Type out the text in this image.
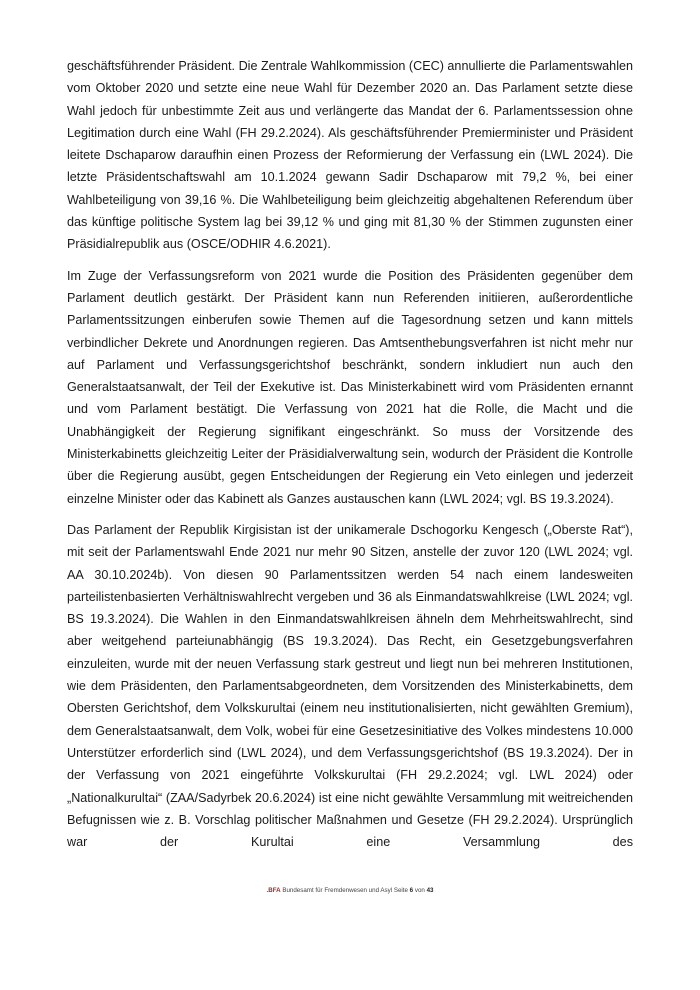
geschäftsführender Präsident. Die Zentrale Wahlkommission (CEC) annullierte die Parlamentswahlen vom Oktober 2020 und setzte eine neue Wahl für Dezember 2020 an. Das Parlament setzte diese Wahl jedoch für unbestimmte Zeit aus und verlängerte das Mandat der 6. Parlamentssession ohne Legitimation durch eine Wahl (FH 29.2.2024). Als geschäftsführender Premierminister und Präsident leitete Dschaparow daraufhin einen Prozess der Reformierung der Verfassung ein (LWL 2024). Die letzte Präsidentschaftswahl am 10.1.2024 gewann Sadir Dschaparow mit 79,2 %, bei einer Wahlbeteiligung von 39,16 %. Die Wahlbeteiligung beim gleichzeitig abgehaltenen Referendum über das künftige politische System lag bei 39,12 % und ging mit 81,30 % der Stimmen zugunsten einer Präsidialrepublik aus (OSCE/ODHIR 4.6.2021).

Im Zuge der Verfassungsreform von 2021 wurde die Position des Präsidenten gegenüber dem Parlament deutlich gestärkt. Der Präsident kann nun Referenden initiieren, außerordentliche Parlamentssitzungen einberufen sowie Themen auf die Tagesordnung setzen und kann mittels verbindlicher Dekrete und Anordnungen regieren. Das Amtsenthebungsverfahren ist nicht mehr nur auf Parlament und Verfassungsgerichtshof beschränkt, sondern inkludiert nun auch den Generalstaatsanwalt, der Teil der Exekutive ist. Das Ministerkabinett wird vom Präsidenten ernannt und vom Parlament bestätigt. Die Verfassung von 2021 hat die Rolle, die Macht und die Unabhängigkeit der Regierung signifikant eingeschränkt. So muss der Vorsitzende des Ministerkabinetts gleichzeitig Leiter der Präsidialverwaltung sein, wodurch der Präsident die Kontrolle über die Regierung ausübt, gegen Entscheidungen der Regierung ein Veto einlegen und jederzeit einzelne Minister oder das Kabinett als Ganzes austauschen kann (LWL 2024; vgl. BS 19.3.2024).

Das Parlament der Republik Kirgisistan ist der unikamerale Dschogorku Kengesch („Oberste Rat“), mit seit der Parlamentswahl Ende 2021 nur mehr 90 Sitzen, anstelle der zuvor 120 (LWL 2024; vgl. AA 30.10.2024b). Von diesen 90 Parlamentssitzen werden 54 nach einem landesweiten parteilistenbasierten Verhältniswahlrecht vergeben und 36 als Einmandatswahlkreise (LWL 2024; vgl. BS 19.3.2024). Die Wahlen in den Einmandatswahlkreisen ähneln dem Mehrheitswahlrecht, sind aber weitgehend parteiunabhängig (BS 19.3.2024). Das Recht, ein Gesetzgebungsverfahren einzuleiten, wurde mit der neuen Verfassung stark gestreut und liegt nun bei mehreren Institutionen, wie dem Präsidenten, den Parlamentsabgeordneten, dem Vorsitzenden des Ministerkabinetts, dem Obersten Gerichtshof, dem Volkskurultai (einem neu institutionalisierten, nicht gewählten Gremium), dem Generalstaatsanwalt, dem Volk, wobei für eine Gesetzesinitiative des Volkes mindestens 10.000 Unterstützer erforderlich sind (LWL 2024), und dem Verfassungsgerichtshof (BS 19.3.2024). Der in der Verfassung von 2021 eingeführte Volkskurultai (FH 29.2.2024; vgl. LWL 2024) oder „Nationalkurultai“ (ZAA/Sadyrbek 20.6.2024) ist eine nicht gewählte Versammlung mit weitreichenden Befugnissen wie z. B. Vorschlag politischer Maßnahmen und Gesetze (FH 29.2.2024). Ursprünglich war der Kurultai eine Versammlung des

.BFA Bundesamt für Fremdenwesen und Asyl Seite 6 von 43
